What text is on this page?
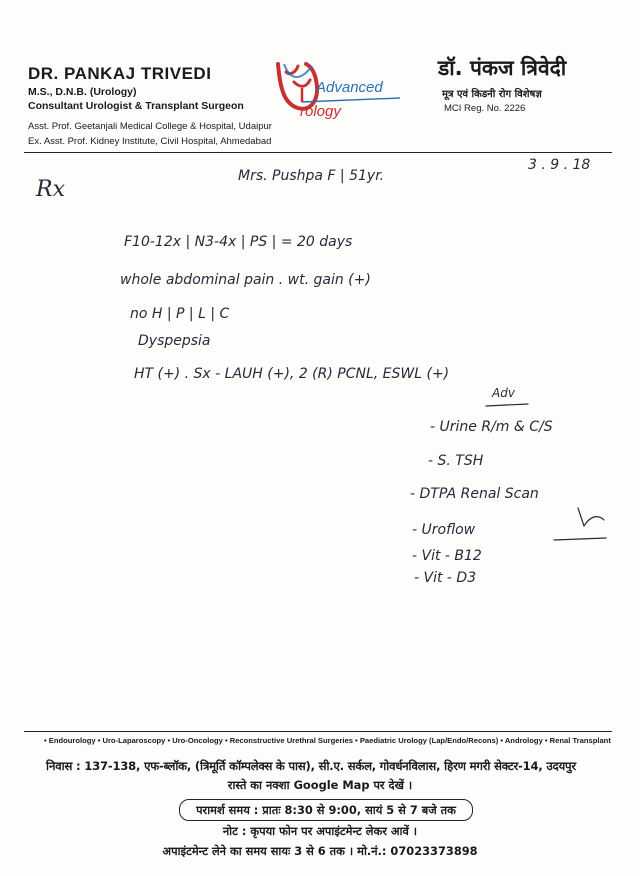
DR. PANKAJ TRIVEDI
M.S., D.N.B. (Urology)
Consultant Urologist & Transplant Surgeon
Asst. Prof. Geetanjali Medical College & Hospital, Udaipur
Ex. Asst. Prof. Kidney Institute, Civil Hospital, Ahmedabad
Advanced
rology
डॉ. पंकज त्रिवेदी
मूत्र एवं किडनी रोग विशेषज्ञ
MCI Reg. No. 2226
Rx
Mrs. Pushpa F | 51yr.
3 . 9 . 18
F10-12x | N3-4x | PS | = 20 days
whole abdominal pain . wt. gain (+)
no H | P | L | C
Dyspepsia
HT (+) . Sx - LAUH (+), 2 (R) PCNL, ESWL (+)
Adv
- Urine R/m & C/S
- S. TSH
- DTPA Renal Scan
- Uroflow
- Vit - B12
- Vit - D3
• Endourology • Uro-Laparoscopy • Uro-Oncology • Reconstructive Urethral Surgeries • Paediatric Urology (Lap/Endo/Recons) • Andrology • Renal Transplant
निवास : 137-138, एफ-ब्लॉक, (त्रिमूर्ति कॉम्पलेक्स के पास), सी.ए. सर्कल, गोवर्धनविलास, हिरण मगरी सेक्टर-14, उदयपुर
रास्ते का नक्शा Google Map पर देखें ।
परामर्श समय : प्रातः 8:30 से 9:00, सायं 5 से 7 बजे तक
नोट : कृपया फोन पर अपाइंटमेन्ट लेकर आवें ।
अपाइंटमेन्ट लेने का समय सायः 3 से 6 तक । मो.नं.: 07023373898
